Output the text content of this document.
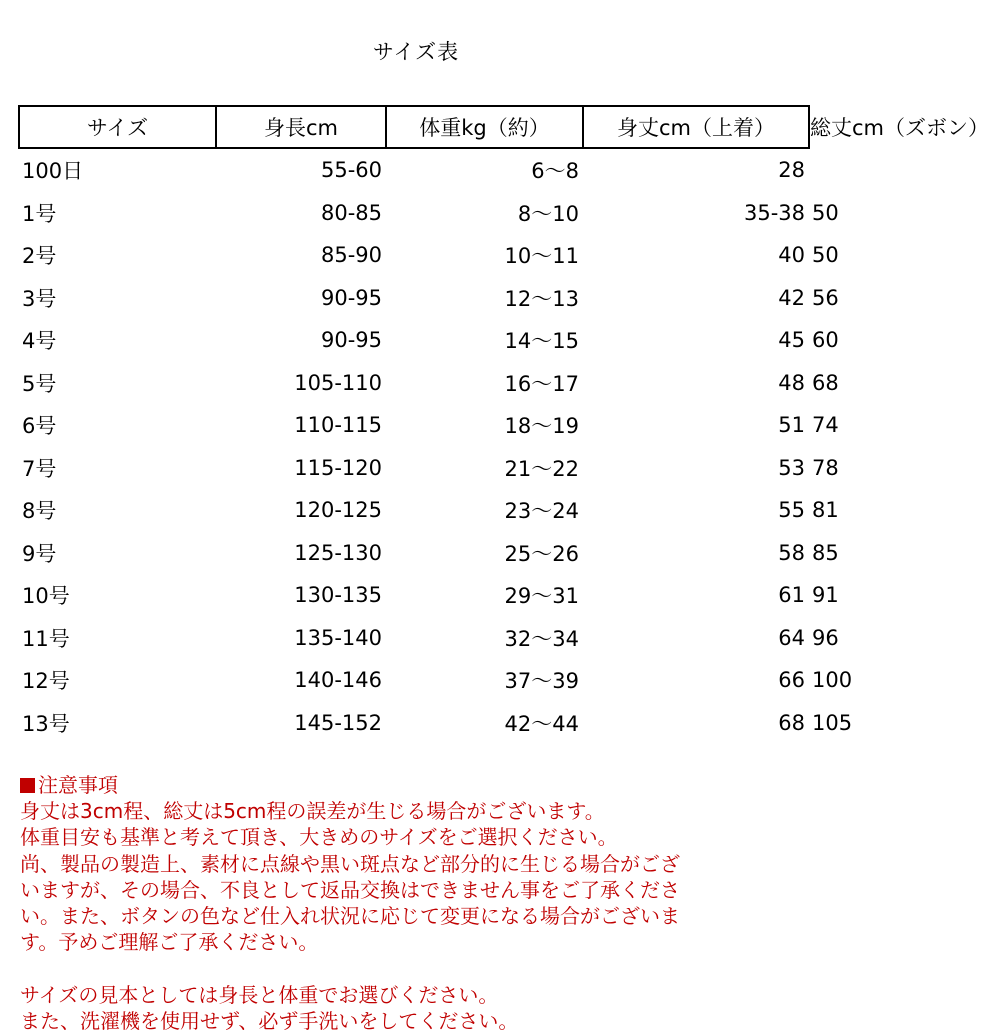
サイズ表
サイズ	身長cm	体重kg（約）	身丈cm（上着）	総丈cm（ズボン）
100日	55-60	6～8	28	
1号	80-85	8～10	35-38	50
2号	85-90	10～11	40	50
3号	90-95	12～13	42	56
4号	90-95	14～15	45	60
5号	105-110	16～17	48	68
6号	110-115	18～19	51	74
7号	115-120	21～22	53	78
8号	120-125	23～24	55	81
9号	125-130	25～26	58	85
10号	130-135	29～31	61	91
11号	135-140	32～34	64	96
12号	140-146	37～39	66	100
13号	145-152	42～44	68	105
注意事項
身丈は3cm程、総丈は5cm程の誤差が生じる場合がございます。
体重目安も基準と考えて頂き、大きめのサイズをご選択ください。
尚、製品の製造上、素材に点線や黒い斑点など部分的に生じる場合がござ
いますが、その場合、不良として返品交換はできません事をご了承くださ
い。また、ボタンの色など仕入れ状況に応じて変更になる場合がございま
す。予めご理解ご了承ください。
サイズの見本としては身長と体重でお選びください。
また、洗濯機を使用せず、必ず手洗いをしてください。
